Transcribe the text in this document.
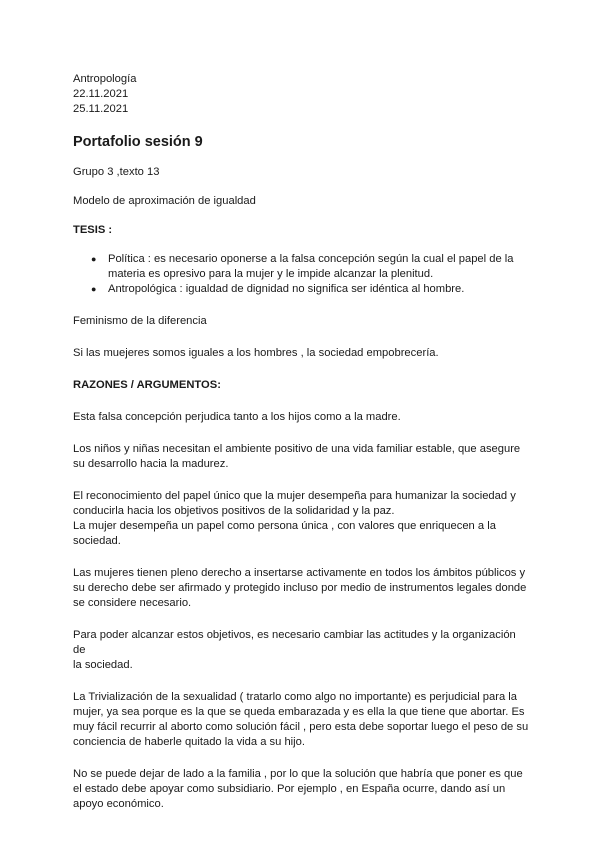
Antropología
22.11.2021
25.11.2021
Portafolio sesión 9
Grupo 3 ,texto 13
Modelo de aproximación de igualdad
TESIS :
● Política : es necesario oponerse a la falsa concepción según la cual el papel de la
materia es opresivo para la mujer y le impide alcanzar la plenitud.
● Antropológica : igualdad de dignidad no significa ser idéntica al hombre.
Feminismo de la diferencia
Si las muejeres somos iguales a los hombres , la sociedad empobrecería.
RAZONES / ARGUMENTOS:
Esta falsa concepción perjudica tanto a los hijos como a la madre.
Los niños y niñas necesitan el ambiente positivo de una vida familiar estable, que asegure
su desarrollo hacia la madurez.
El reconocimiento del papel único que la mujer desempeña para humanizar la sociedad y
conducirla hacia los objetivos positivos de la solidaridad y la paz.
La mujer desempeña un papel como persona única , con valores que enriquecen a la
sociedad.
Las mujeres tienen pleno derecho a insertarse activamente en todos los ámbitos públicos y
su derecho debe ser afirmado y protegido incluso por medio de instrumentos legales donde
se considere necesario.
Para poder alcanzar estos objetivos, es necesario cambiar las actitudes y la organización de
la sociedad.
La Trivialización de la sexualidad ( tratarlo como algo no importante) es perjudicial para la
mujer, ya sea porque es la que se queda embarazada y es ella la que tiene que abortar. Es
muy fácil recurrir al aborto como solución fácil , pero esta debe soportar luego el peso de su
conciencia de haberle quitado la vida a su hijo.
No se puede dejar de lado a la familia , por lo que la solución que habría que poner es que
el estado debe apoyar como subsidiario. Por ejemplo , en España ocurre, dando así un
apoyo económico.
